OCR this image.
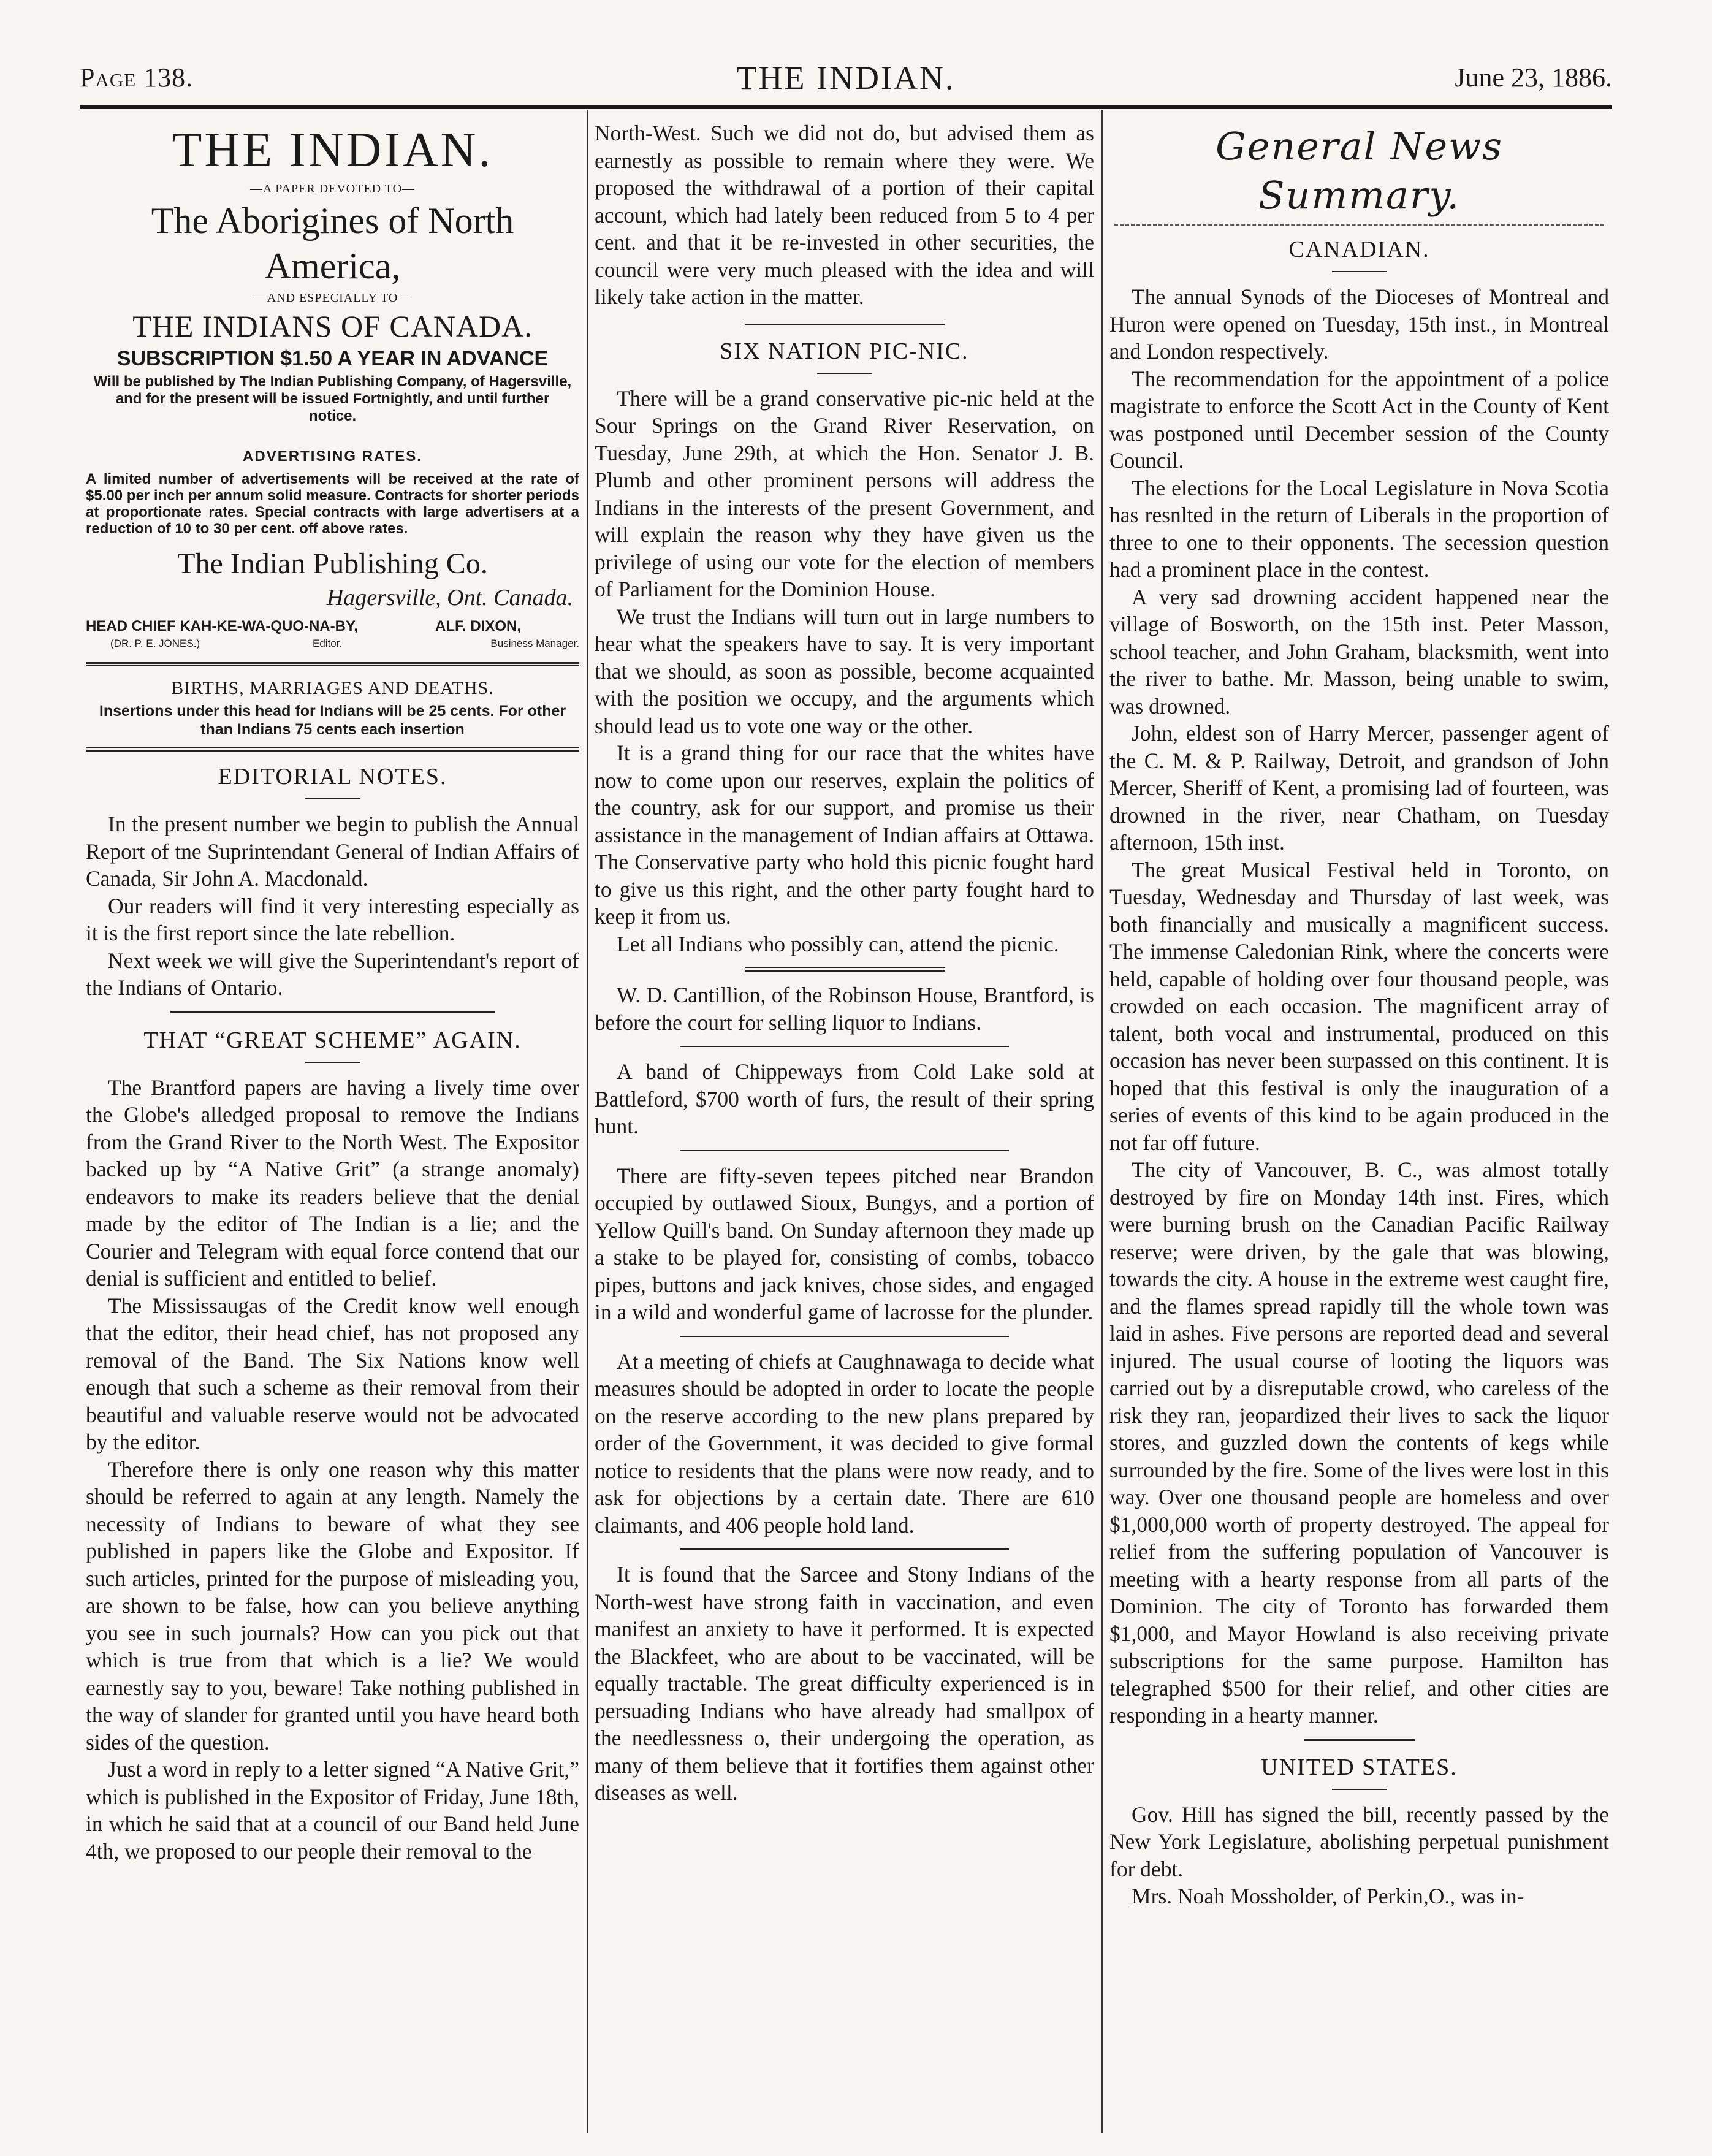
Page 138.	THE INDIAN.	June 23, 1886.
THE INDIAN.
—A PAPER DEVOTED TO—
The Aborigines of North America,
—AND ESPECIALLY TO—
THE INDIANS OF CANADA.
SUBSCRIPTION $1.50 A YEAR IN ADVANCE
Will be published by The Indian Publishing Company, of Hagersville, and for the present will be issued Fortnightly, and until further notice.
ADVERTISING RATES.
A limited number of advertisements will be received at the rate of $5.00 per inch per annum solid measure. Contracts for shorter periods at proportionate rates. Special contracts with large advertisers at a reduction of 10 to 30 per cent. off above rates.
The Indian Publishing Co.
Hagersville, Ont. Canada.
HEAD CHIEF KAH-KE-WA-QUO-NA-BY,	ALF. DIXON,
(DR. P. E. JONES.)	Editor.	Business Manager.
BIRTHS, MARRIAGES AND DEATHS.
Insertions under this head for Indians will be 25 cents. For other than Indians 75 cents each insertion
EDITORIAL NOTES.

In the present number we begin to publish the Annual Report of tne Suprintendant General of Indian Affairs of Canada, Sir John A. Macdonald.

Our readers will find it very interesting especially as it is the first report since the late rebellion.

Next week we will give the Superintendant's report of the Indians of Ontario.

THAT “GREAT SCHEME” AGAIN.

The Brantford papers are having a lively time over the Globe's alledged proposal to remove the Indians from the Grand River to the North West. The Expositor backed up by “A Native Grit” (a strange anomaly) endeavors to make its readers believe that the denial made by the editor of The Indian is a lie; and the Courier and Telegram with equal force contend that our denial is sufficient and entitled to belief.

The Mississaugas of the Credit know well enough that the editor, their head chief, has not proposed any removal of the Band. The Six Nations know well enough that such a scheme as their removal from their beautiful and valuable reserve would not be advocated by the editor.

Therefore there is only one reason why this matter should be referred to again at any length. Namely the necessity of Indians to beware of what they see published in papers like the Globe and Expositor. If such articles, printed for the purpose of misleading you, are shown to be false, how can you believe anything you see in such journals? How can you pick out that which is true from that which is a lie? We would earnestly say to you, beware! Take nothing published in the way of slander for granted until you have heard both sides of the question.

Just a word in reply to a letter signed “A Native Grit,” which is published in the Expositor of Friday, June 18th, in which he said that at a council of our Band held June 4th, we proposed to our people their removal to the

North-West. Such we did not do, but advised them as earnestly as possible to remain where they were. We proposed the withdrawal of a portion of their capital account, which had lately been reduced from 5 to 4 per cent. and that it be re-invested in other securities, the council were very much pleased with the idea and will likely take action in the matter.

SIX NATION PIC-NIC.

There will be a grand conservative pic-nic held at the Sour Springs on the Grand River Reservation, on Tuesday, June 29th, at which the Hon. Senator J. B. Plumb and other prominent persons will address the Indians in the interests of the present Government, and will explain the reason why they have given us the privilege of using our vote for the election of members of Parliament for the Dominion House.

We trust the Indians will turn out in large numbers to hear what the speakers have to say. It is very important that we should, as soon as possible, become acquainted with the position we occupy, and the arguments which should lead us to vote one way or the other.

It is a grand thing for our race that the whites have now to come upon our reserves, explain the politics of the country, ask for our support, and promise us their assistance in the management of Indian affairs at Ottawa. The Conservative party who hold this picnic fought hard to give us this right, and the other party fought hard to keep it from us.

Let all Indians who possibly can, attend the picnic.

W. D. Cantillion, of the Robinson House, Brantford, is before the court for selling liquor to Indians.

A band of Chippeways from Cold Lake sold at Battleford, $700 worth of furs, the result of their spring hunt.

There are fifty-seven tepees pitched near Brandon occupied by outlawed Sioux, Bungys, and a portion of Yellow Quill's band. On Sunday afternoon they made up a stake to be played for, consisting of combs, tobacco pipes, buttons and jack knives, chose sides, and engaged in a wild and wonderful game of lacrosse for the plunder.

At a meeting of chiefs at Caughnawaga to decide what measures should be adopted in order to locate the people on the reserve according to the new plans prepared by order of the Government, it was decided to give formal notice to residents that the plans were now ready, and to ask for objections by a certain date. There are 610 claimants, and 406 people hold land.

It is found that the Sarcee and Stony Indians of the North-west have strong faith in vaccination, and even manifest an anxiety to have it performed. It is expected the Blackfeet, who are about to be vaccinated, will be equally tractable. The great difficulty experienced is in persuading Indians who have already had smallpox of the needlessness o, their undergoing the operation, as many of them believe that it fortifies them against other diseases as well.

General News Summary.
CANADIAN.

The annual Synods of the Dioceses of Montreal and Huron were opened on Tuesday, 15th inst., in Montreal and London respectively.

The recommendation for the appointment of a police magistrate to enforce the Scott Act in the County of Kent was postponed until December session of the County Council.

The elections for the Local Legislature in Nova Scotia has resnlted in the return of Liberals in the proportion of three to one to their opponents. The secession question had a prominent place in the contest.

A very sad drowning accident happened near the village of Bosworth, on the 15th inst. Peter Masson, school teacher, and John Graham, blacksmith, went into the river to bathe. Mr. Masson, being unable to swim, was drowned.

John, eldest son of Harry Mercer, passenger agent of the C. M. & P. Railway, Detroit, and grandson of John Mercer, Sheriff of Kent, a promising lad of fourteen, was drowned in the river, near Chatham, on Tuesday afternoon, 15th inst.

The great Musical Festival held in Toronto, on Tuesday, Wednesday and Thursday of last week, was both financially and musically a magnificent success. The immense Caledonian Rink, where the concerts were held, capable of holding over four thousand people, was crowded on each occasion. The magnificent array of talent, both vocal and instrumental, produced on this occasion has never been surpassed on this continent. It is hoped that this festival is only the inauguration of a series of events of this kind to be again produced in the not far off future.

The city of Vancouver, B. C., was almost totally destroyed by fire on Monday 14th inst. Fires, which were burning brush on the Canadian Pacific Railway reserve; were driven, by the gale that was blowing, towards the city. A house in the extreme west caught fire, and the flames spread rapidly till the whole town was laid in ashes. Five persons are reported dead and several injured. The usual course of looting the liquors was carried out by a disreputable crowd, who careless of the risk they ran, jeopardized their lives to sack the liquor stores, and guzzled down the contents of kegs while surrounded by the fire. Some of the lives were lost in this way. Over one thousand people are homeless and over $1,000,000 worth of property destroyed. The appeal for relief from the suffering population of Vancouver is meeting with a hearty response from all parts of the Dominion. The city of Toronto has forwarded them $1,000, and Mayor Howland is also receiving private subscriptions for the same purpose. Hamilton has telegraphed $500 for their relief, and other cities are responding in a hearty manner.

UNITED STATES.

Gov. Hill has signed the bill, recently passed by the New York Legislature, abolishing perpetual punishment for debt.

Mrs. Noah Mossholder, of Perkin,O., was in-
